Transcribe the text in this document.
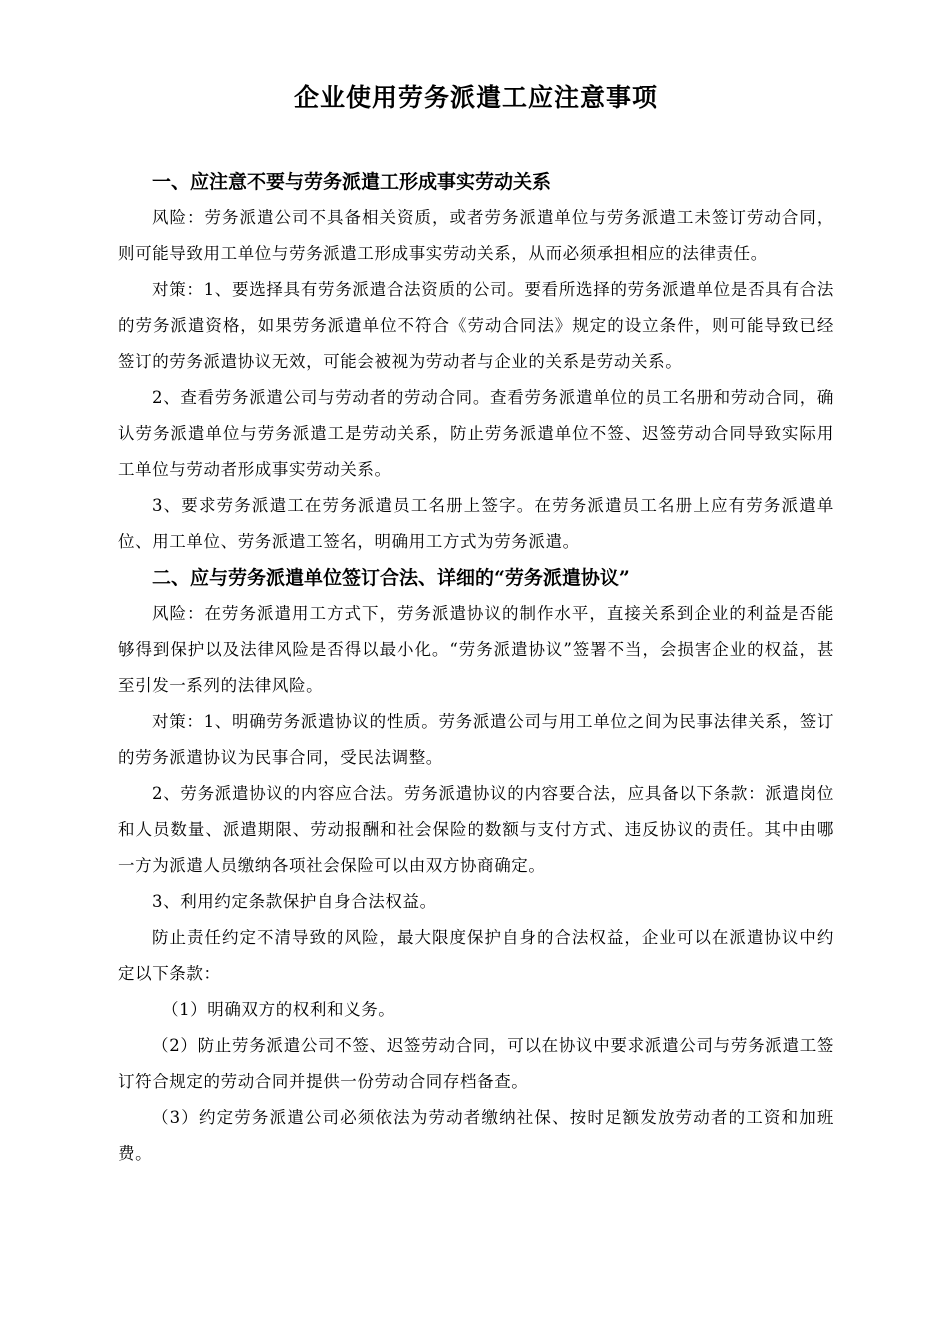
企业使用劳务派遣工应注意事项
一、应注意不要与劳务派遣工形成事实劳动关系

风险：劳务派遣公司不具备相关资质，或者劳务派遣单位与劳务派遣工未签订劳动合同，则可能导致用工单位与劳务派遣工形成事实劳动关系，从而必须承担相应的法律责任。

对策：1、要选择具有劳务派遣合法资质的公司。要看所选择的劳务派遣单位是否具有合法的劳务派遣资格，如果劳务派遣单位不符合《劳动合同法》规定的设立条件，则可能导致已经签订的劳务派遣协议无效，可能会被视为劳动者与企业的关系是劳动关系。

2、查看劳务派遣公司与劳动者的劳动合同。查看劳务派遣单位的员工名册和劳动合同，确认劳务派遣单位与劳务派遣工是劳动关系，防止劳务派遣单位不签、迟签劳动合同导致实际用工单位与劳动者形成事实劳动关系。

3、要求劳务派遣工在劳务派遣员工名册上签字。在劳务派遣员工名册上应有劳务派遣单位、用工单位、劳务派遣工签名，明确用工方式为劳务派遣。

二、应与劳务派遣单位签订合法、详细的“劳务派遣协议”

风险：在劳务派遣用工方式下，劳务派遣协议的制作水平，直接关系到企业的利益是否能够得到保护以及法律风险是否得以最小化。“劳务派遣协议”签署不当，会损害企业的权益，甚至引发一系列的法律风险。

对策：1、明确劳务派遣协议的性质。劳务派遣公司与用工单位之间为民事法律关系，签订的劳务派遣协议为民事合同，受民法调整。

2、劳务派遣协议的内容应合法。劳务派遣协议的内容要合法，应具备以下条款：派遣岗位和人员数量、派遣期限、劳动报酬和社会保险的数额与支付方式、违反协议的责任。其中由哪一方为派遣人员缴纳各项社会保险可以由双方协商确定。

3、利用约定条款保护自身合法权益。

防止责任约定不清导致的风险，最大限度保护自身的合法权益，企业可以在派遣协议中约定以下条款：

（1）明确双方的权利和义务。

（2）防止劳务派遣公司不签、迟签劳动合同，可以在协议中要求派遣公司与劳务派遣工签订符合规定的劳动合同并提供一份劳动合同存档备查。

（3）约定劳务派遣公司必须依法为劳动者缴纳社保、按时足额发放劳动者的工资和加班费。
